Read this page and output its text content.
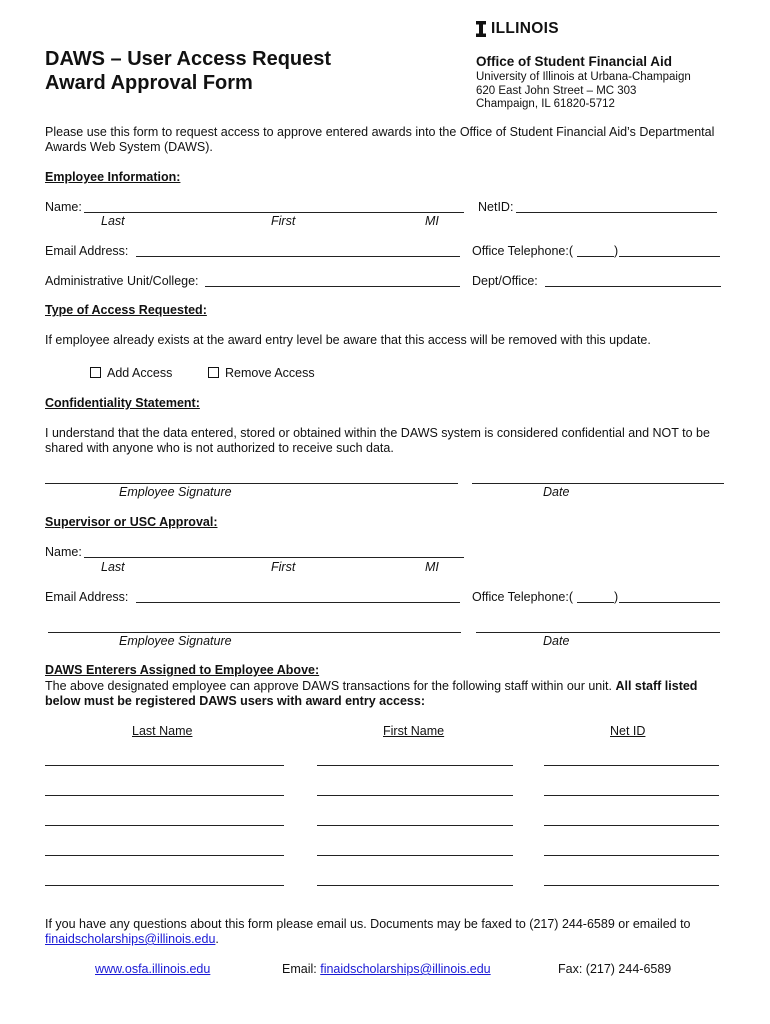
ILLINOIS
DAWS – User Access Request
Award Approval Form
Office of Student Financial Aid
University of Illinois at Urbana-Champaign
620 East John Street – MC 303
Champaign, IL 61820-5712
Please use this form to request access to approve entered awards into the Office of Student Financial Aid’s Departmental
Awards Web System (DAWS).
Employee Information:
Name:
Last	First	MI
NetID:
Email Address:	Office Telephone:(	)
Administrative Unit/College:	Dept/Office:
Type of Access Requested:
If employee already exists at the award entry level be aware that this access will be removed with this update.
Add Access	Remove Access
Confidentiality Statement:
I understand that the data entered, stored or obtained within the DAWS system is considered confidential and NOT to be
shared with anyone who is not authorized to receive such data.
Employee Signature	Date
Supervisor or USC Approval:
Name:
Last	First	MI
Email Address:	Office Telephone:(	)
Employee Signature	Date
DAWS Enterers Assigned to Employee Above:
The above designated employee can approve DAWS transactions for the following staff within our unit. All staff listed
below must be registered DAWS users with award entry access:
Last Name	First Name	Net ID
If you have any questions about this form please email us. Documents may be faxed to (217) 244-6589 or emailed to
finaidscholarships@illinois.edu.
www.osfa.illinois.edu	Email: finaidscholarships@illinois.edu	Fax: (217) 244-6589
